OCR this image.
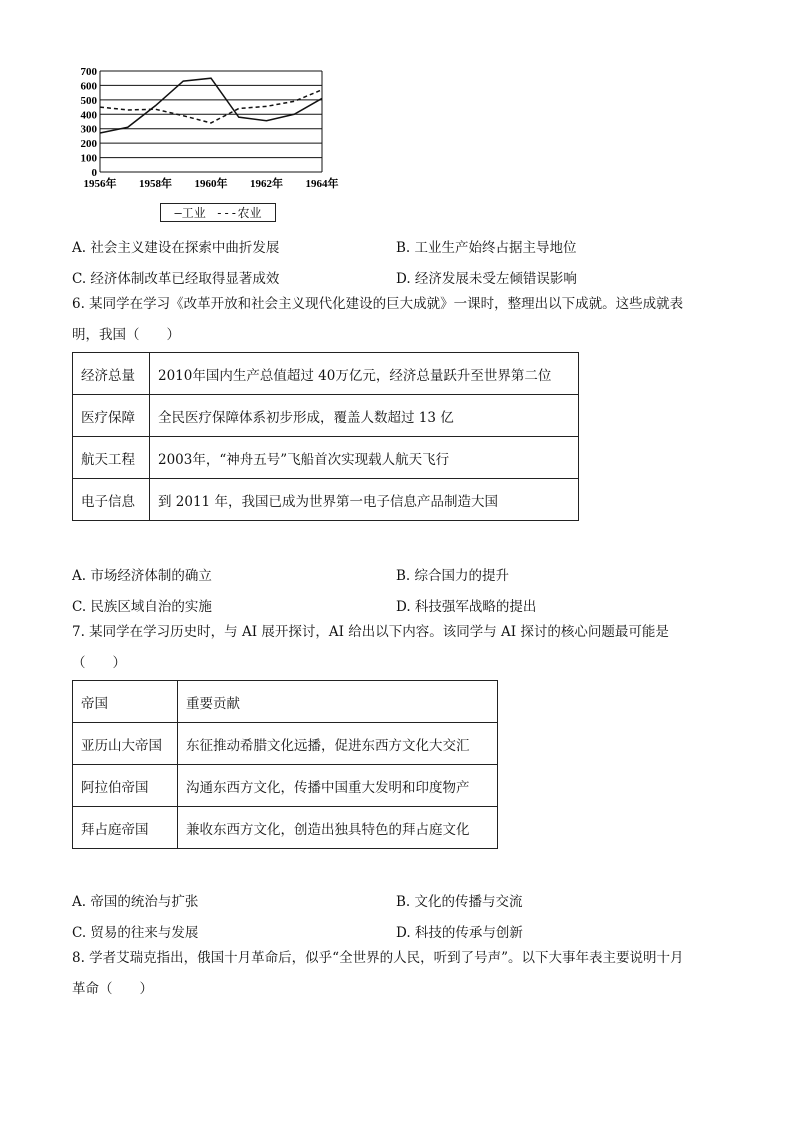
700
600
500
400
300
200
100
0
1956年 1958年 1960年 1962年 1964年
—工业 ---农业
A. 社会主义建设在探索中曲折发展	B. 工业生产始终占据主导地位
C. 经济体制改革已经取得显著成效	D. 经济发展未受左倾错误影响
6. 某同学在学习《改革开放和社会主义现代化建设的巨大成就》一课时，整理出以下成就。这些成就表
明，我国（　　）
经济总量	2010年国内生产总值超过 40万亿元，经济总量跃升至世界第二位
医疗保障	全民医疗保障体系初步形成，覆盖人数超过 13 亿
航天工程	2003年，“神舟五号”飞船首次实现载人航天飞行
电子信息	到 2011 年，我国已成为世界第一电子信息产品制造大国
A. 市场经济体制的确立	B. 综合国力的提升
C. 民族区域自治的实施	D. 科技强军战略的提出
7. 某同学在学习历史时，与 AI 展开探讨，AI 给出以下内容。该同学与 AI 探讨的核心问题最可能是
（　　）
帝国	重要贡献
亚历山大帝国	东征推动希腊文化远播，促进东西方文化大交汇
阿拉伯帝国	沟通东西方文化，传播中国重大发明和印度物产
拜占庭帝国	兼收东西方文化，创造出独具特色的拜占庭文化
A. 帝国的统治与扩张	B. 文化的传播与交流
C. 贸易的往来与发展	D. 科技的传承与创新
8. 学者艾瑞克指出，俄国十月革命后，似乎“全世界的人民，听到了号声”。以下大事年表主要说明十月
革命（　　）
